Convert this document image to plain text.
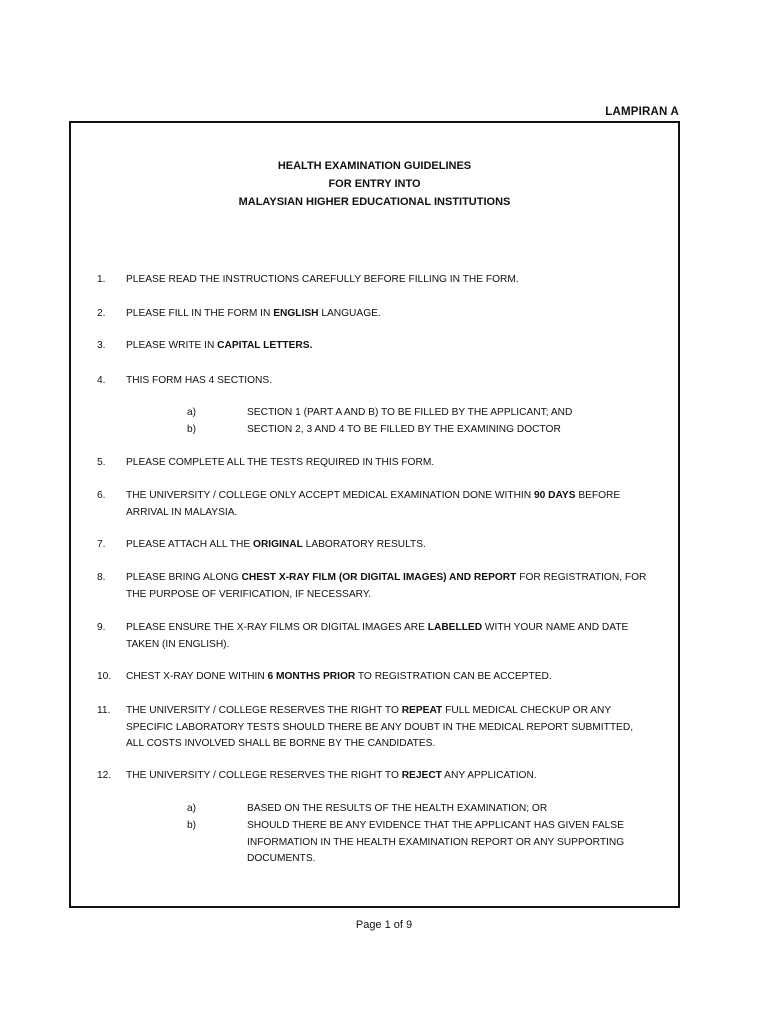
LAMPIRAN A
HEALTH EXAMINATION GUIDELINES
FOR ENTRY INTO
MALAYSIAN HIGHER EDUCATIONAL INSTITUTIONS
1. PLEASE READ THE INSTRUCTIONS CAREFULLY BEFORE FILLING IN THE FORM.
2. PLEASE FILL IN THE FORM IN ENGLISH LANGUAGE.
3. PLEASE WRITE IN CAPITAL LETTERS.
4. THIS FORM HAS 4 SECTIONS.
a)	SECTION 1 (PART A AND B) TO BE FILLED BY THE APPLICANT; AND
b)	SECTION 2, 3 AND 4 TO BE FILLED BY THE EXAMINING DOCTOR
5. PLEASE COMPLETE ALL THE TESTS REQUIRED IN THIS FORM.
6. THE UNIVERSITY / COLLEGE ONLY ACCEPT MEDICAL EXAMINATION DONE WITHIN 90 DAYS BEFORE ARRIVAL IN MALAYSIA.
7. PLEASE ATTACH ALL THE ORIGINAL LABORATORY RESULTS.
8. PLEASE BRING ALONG CHEST X-RAY FILM (OR DIGITAL IMAGES) AND REPORT FOR REGISTRATION, FOR THE PURPOSE OF VERIFICATION, IF NECESSARY.
9. PLEASE ENSURE THE X-RAY FILMS OR DIGITAL IMAGES ARE LABELLED WITH YOUR NAME AND DATE TAKEN (IN ENGLISH).
10. CHEST X-RAY DONE WITHIN 6 MONTHS PRIOR TO REGISTRATION CAN BE ACCEPTED.
11. THE UNIVERSITY / COLLEGE RESERVES THE RIGHT TO REPEAT FULL MEDICAL CHECKUP OR ANY SPECIFIC LABORATORY TESTS SHOULD THERE BE ANY DOUBT IN THE MEDICAL REPORT SUBMITTED, ALL COSTS INVOLVED SHALL BE BORNE BY THE CANDIDATES.
12. THE UNIVERSITY / COLLEGE RESERVES THE RIGHT TO REJECT ANY APPLICATION.
a)	BASED ON THE RESULTS OF THE HEALTH EXAMINATION; OR
b)	SHOULD THERE BE ANY EVIDENCE THAT THE APPLICANT HAS GIVEN FALSE INFORMATION IN THE HEALTH EXAMINATION REPORT OR ANY SUPPORTING DOCUMENTS.
Page 1 of 9
